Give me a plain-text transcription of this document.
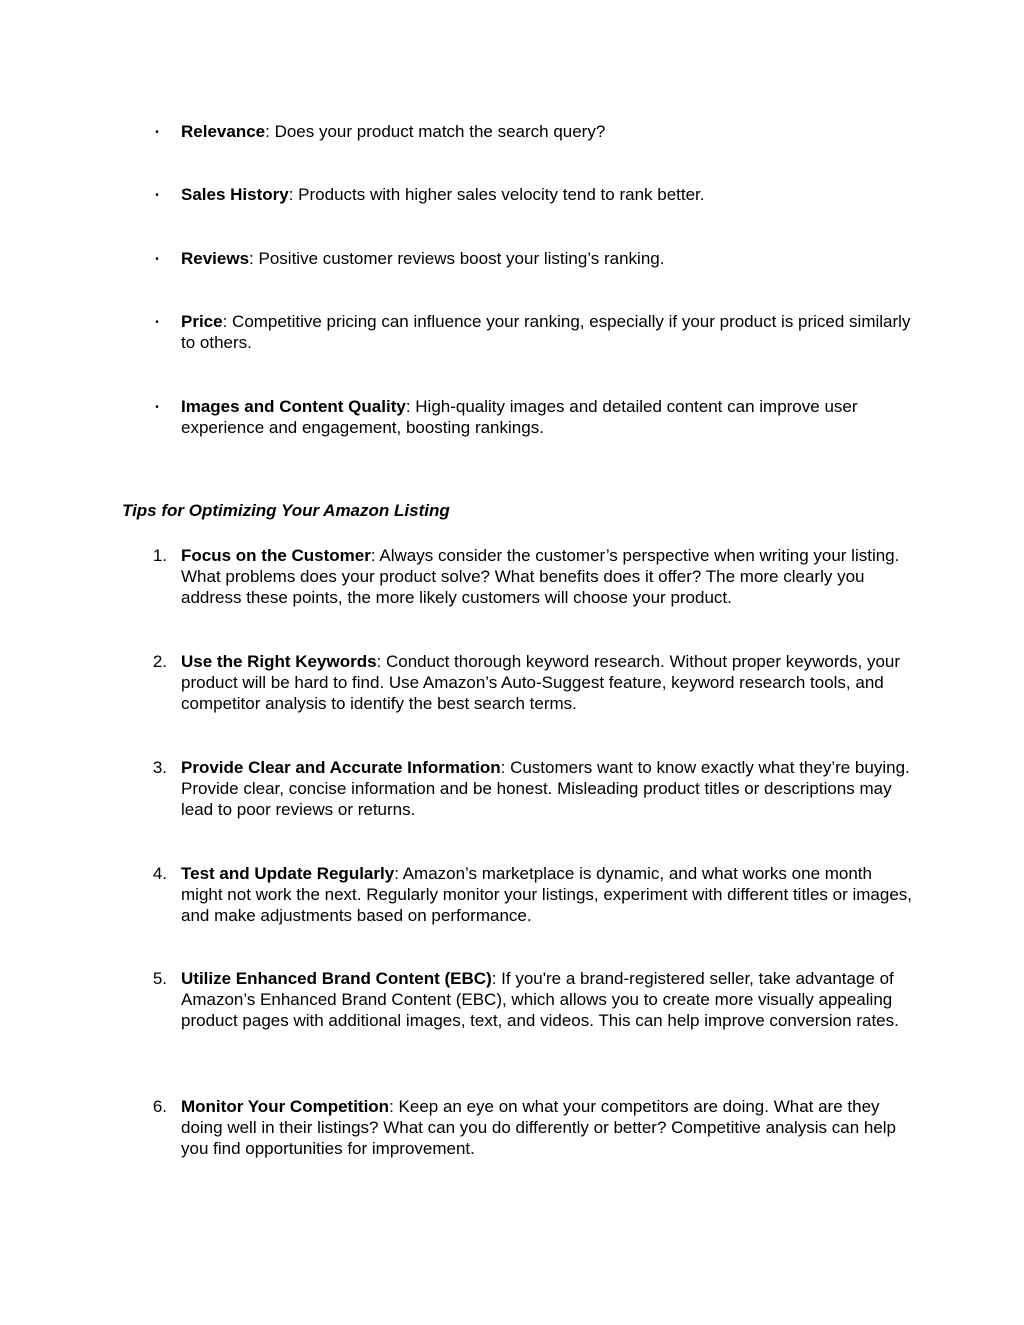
•	Relevance: Does your product match the search query?
•	Sales History: Products with higher sales velocity tend to rank better.
•	Reviews: Positive customer reviews boost your listing’s ranking.
•	Price: Competitive pricing can influence your ranking, especially if your product is priced similarly to others.
•	Images and Content Quality: High-quality images and detailed content can improve user experience and engagement, boosting rankings.
Tips for Optimizing Your Amazon Listing
1. Focus on the Customer: Always consider the customer’s perspective when writing your listing. What problems does your product solve? What benefits does it offer? The more clearly you address these points, the more likely customers will choose your product.
2. Use the Right Keywords: Conduct thorough keyword research. Without proper keywords, your product will be hard to find. Use Amazon’s Auto-Suggest feature, keyword research tools, and competitor analysis to identify the best search terms.
3. Provide Clear and Accurate Information: Customers want to know exactly what they’re buying. Provide clear, concise information and be honest. Misleading product titles or descriptions may lead to poor reviews or returns.
4. Test and Update Regularly: Amazon’s marketplace is dynamic, and what works one month might not work the next. Regularly monitor your listings, experiment with different titles or images, and make adjustments based on performance.
5. Utilize Enhanced Brand Content (EBC): If you're a brand-registered seller, take advantage of Amazon’s Enhanced Brand Content (EBC), which allows you to create more visually appealing product pages with additional images, text, and videos. This can help improve conversion rates.
6. Monitor Your Competition: Keep an eye on what your competitors are doing. What are they doing well in their listings? What can you do differently or better? Competitive analysis can help you find opportunities for improvement.
